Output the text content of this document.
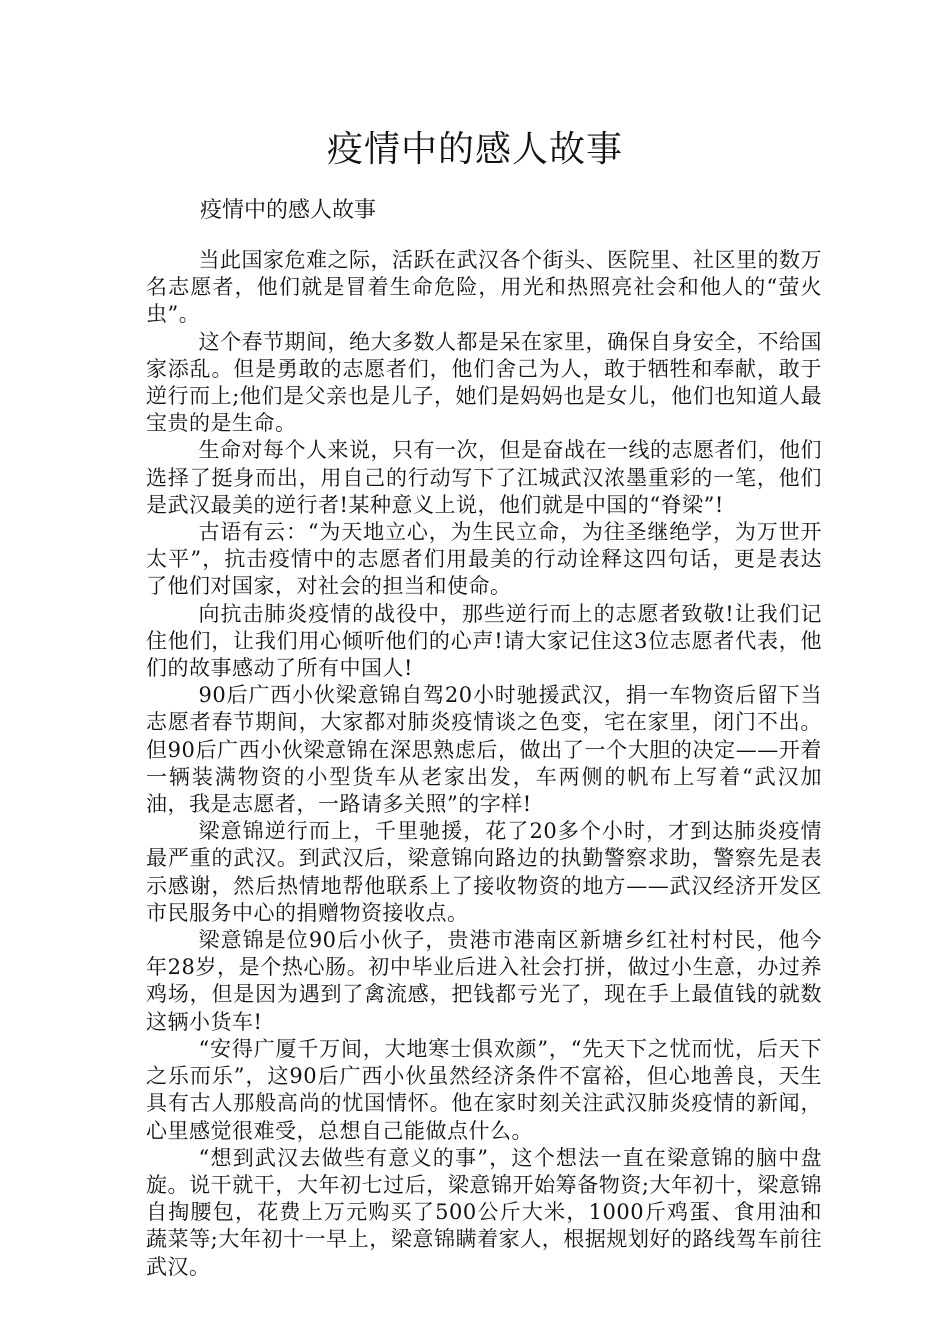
疫情中的感人故事

疫情中的感人故事

当此国家危难之际，活跃在武汉各个街头、医院里、社区里的数万名志愿者，他们就是冒着生命危险，用光和热照亮社会和他人的“萤火虫”。

这个春节期间，绝大多数人都是呆在家里，确保自身安全，不给国家添乱。但是勇敢的志愿者们，他们舍己为人，敢于牺牲和奉献，敢于逆行而上;他们是父亲也是儿子，她们是妈妈也是女儿，他们也知道人最宝贵的是生命。

生命对每个人来说，只有一次，但是奋战在一线的志愿者们，他们选择了挺身而出，用自己的行动写下了江城武汉浓墨重彩的一笔，他们是武汉最美的逆行者!某种意义上说，他们就是中国的“脊梁”!

古语有云：“为天地立心，为生民立命，为往圣继绝学，为万世开太平”，抗击疫情中的志愿者们用最美的行动诠释这四句话，更是表达了他们对国家，对社会的担当和使命。

向抗击肺炎疫情的战役中，那些逆行而上的志愿者致敬!让我们记住他们，让我们用心倾听他们的心声!请大家记住这3位志愿者代表，他们的故事感动了所有中国人!

90后广西小伙梁意锦自驾20小时驰援武汉，捐一车物资后留下当志愿者春节期间，大家都对肺炎疫情谈之色变，宅在家里，闭门不出。但90后广西小伙梁意锦在深思熟虑后，做出了一个大胆的决定——开着一辆装满物资的小型货车从老家出发，车两侧的帆布上写着“武汉加油，我是志愿者，一路请多关照”的字样!

梁意锦逆行而上，千里驰援，花了20多个小时，才到达肺炎疫情最严重的武汉。到武汉后，梁意锦向路边的执勤警察求助，警察先是表示感谢，然后热情地帮他联系上了接收物资的地方——武汉经济开发区市民服务中心的捐赠物资接收点。

梁意锦是位90后小伙子，贵港市港南区新塘乡红社村村民，他今年28岁，是个热心肠。初中毕业后进入社会打拼，做过小生意，办过养鸡场，但是因为遇到了禽流感，把钱都亏光了，现在手上最值钱的就数这辆小货车!

“安得广厦千万间，大地寒士俱欢颜”，“先天下之忧而忧，后天下之乐而乐”，这90后广西小伙虽然经济条件不富裕，但心地善良，天生具有古人那般高尚的忧国情怀。他在家时刻关注武汉肺炎疫情的新闻，心里感觉很难受，总想自己能做点什么。

“想到武汉去做些有意义的事”，这个想法一直在梁意锦的脑中盘旋。说干就干，大年初七过后，梁意锦开始筹备物资;大年初十，梁意锦自掏腰包，花费上万元购买了500公斤大米，1000斤鸡蛋、食用油和蔬菜等;大年初十一早上，梁意锦瞒着家人，根据规划好的路线驾车前往武汉。
